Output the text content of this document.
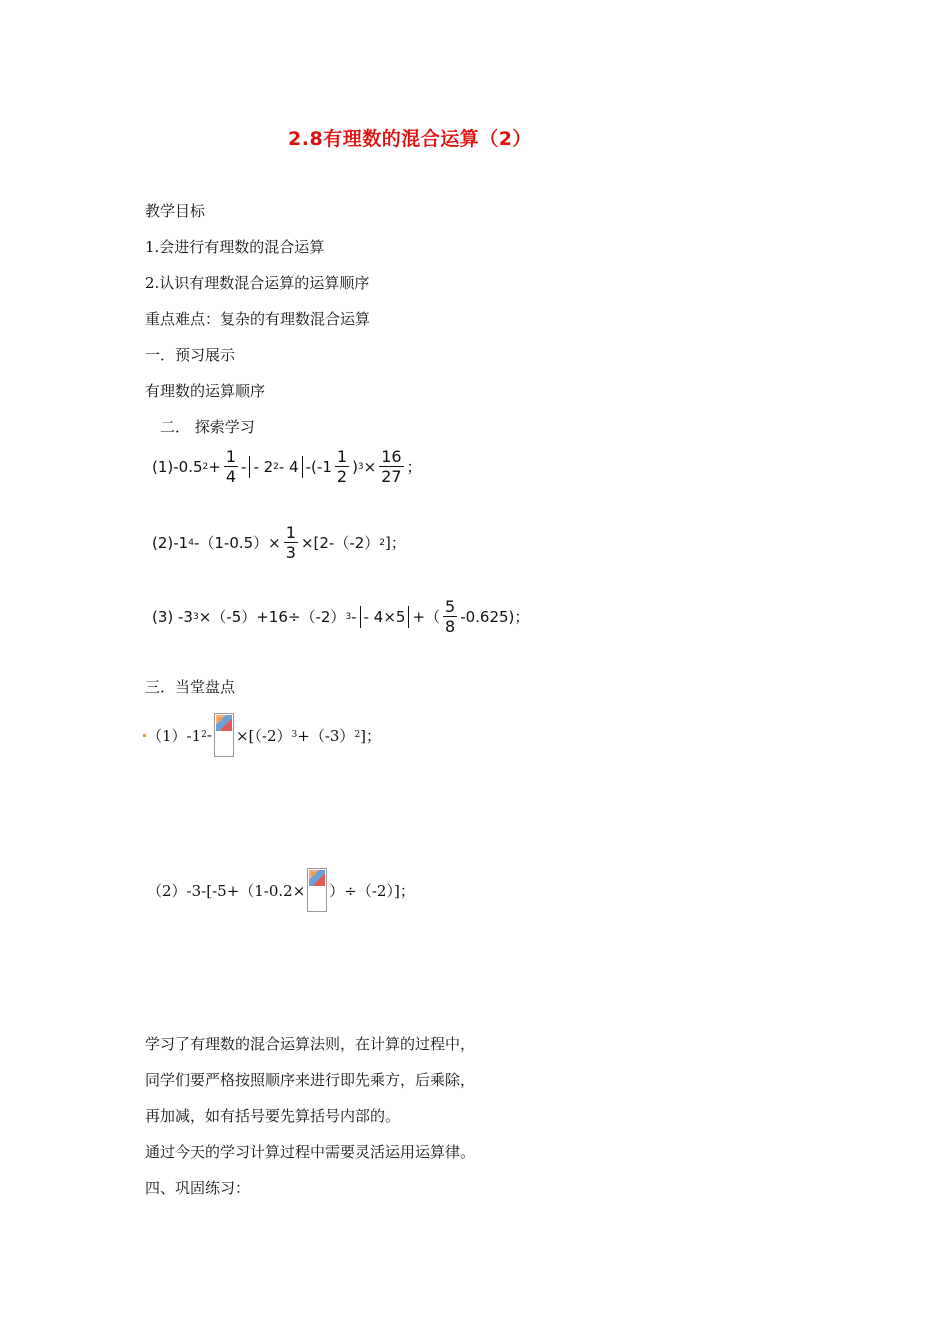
2.8有理数的混合运算（2）
教学目标
1.会进行有理数的混合运算
2.认识有理数混合运算的运算顺序
重点难点：复杂的有理数混合运算
一．预习展示
有理数的运算顺序
二． 探索学习
(1)-0.5 $2 + \frac{1}{4}$ - - 2 2 - 4 $-(-1 \frac{1}{2}$ ) $3 \times \frac{16}{27}$ ；
(2)-1 4 $-(1-0.5)\times \frac{1}{3} \times[2-(-2)$ 2 ]；
(3) -3 3 ×（-5）+16÷（-2） 3 - - 4×5 +（ $\frac{5}{8} -0.625$)；
三．当堂盘点
（1）-1 2 - ×[（-2） 3 +（-3） 2 ]；
（2）-3-[-5+（1-0.2× ）÷（-2）]；
学习了有理数的混合运算法则，在计算的过程中，
同学们要严格按照顺序来进行即先乘方，后乘除，
再加减，如有括号要先算括号内部的。
通过今天的学习计算过程中需要灵活运用运算律。
四、巩固练习：
